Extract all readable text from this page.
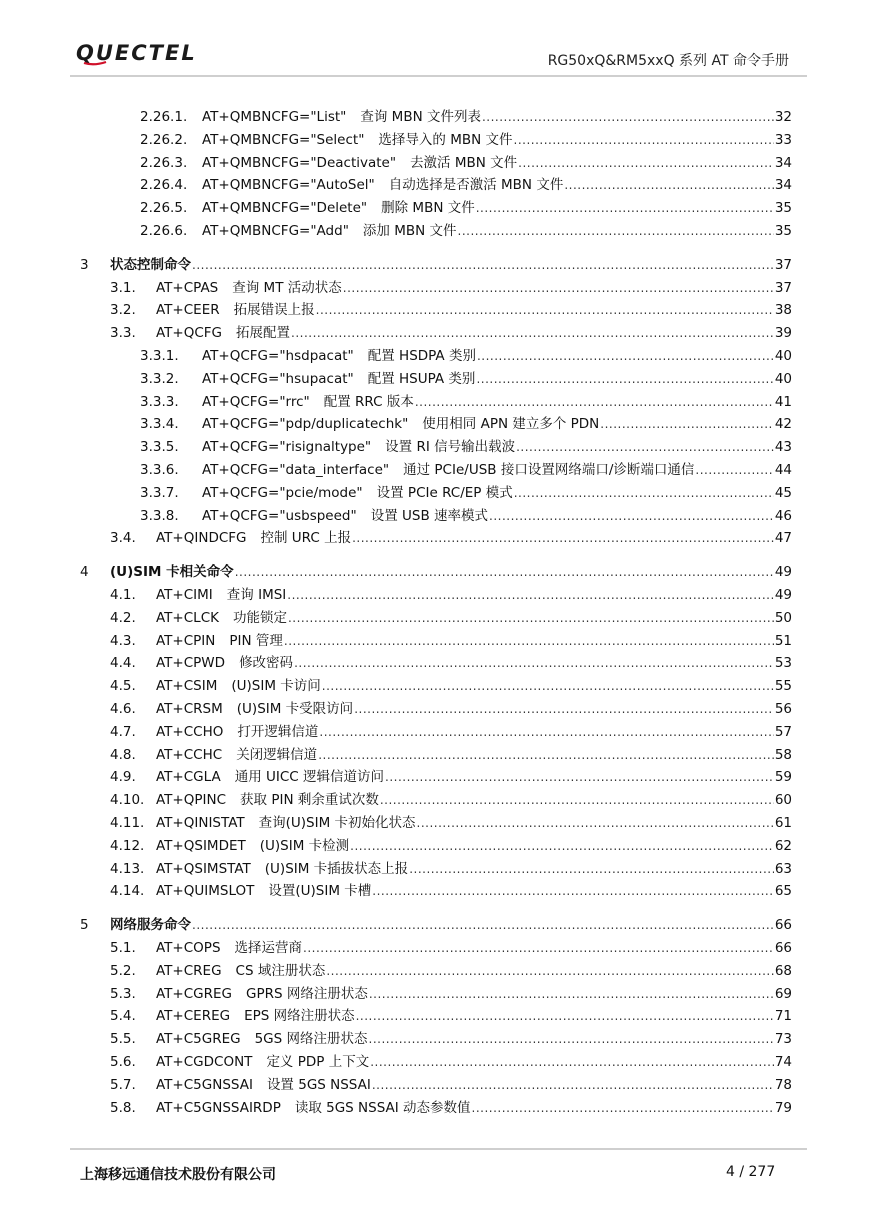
QUECTEL	RG50xQ&RM5xxQ 系列 AT 命令手册
2.26.1.	AT+QMBNCFG="List" 查询 MBN 文件列表 .....	32
2.26.2.	AT+QMBNCFG="Select" 选择导入的 MBN 文件 .....	33
2.26.3.	AT+QMBNCFG="Deactivate" 去激活 MBN 文件 .....	34
2.26.4.	AT+QMBNCFG="AutoSel" 自动选择是否激活 MBN 文件 .....	34
2.26.5.	AT+QMBNCFG="Delete" 删除 MBN 文件 .....	35
2.26.6.	AT+QMBNCFG="Add" 添加 MBN 文件 .....	35
3	状态控制命令 .....	37
3.1.	AT+CPAS 查询 MT 活动状态 .....	37
3.2.	AT+CEER 拓展错误上报 .....	38
3.3.	AT+QCFG 拓展配置 .....	39
3.3.1.	AT+QCFG="hsdpacat" 配置 HSDPA 类别 .....	40
3.3.2.	AT+QCFG="hsupacat" 配置 HSUPA 类别 .....	40
3.3.3.	AT+QCFG="rrc" 配置 RRC 版本 .....	41
3.3.4.	AT+QCFG="pdp/duplicatechk" 使用相同 APN 建立多个 PDN .....	42
3.3.5.	AT+QCFG="risignaltype" 设置 RI 信号输出载波 .....	43
3.3.6.	AT+QCFG="data_interface" 通过 PCIe/USB 接口设置网络端口/诊断端口通信 .....	44
3.3.7.	AT+QCFG="pcie/mode" 设置 PCIe RC/EP 模式 .....	45
3.3.8.	AT+QCFG="usbspeed" 设置 USB 速率模式 .....	46
3.4.	AT+QINDCFG 控制 URC 上报 .....	47
4	(U)SIM 卡相关命令 .....	49
4.1.	AT+CIMI 查询 IMSI .....	49
4.2.	AT+CLCK 功能锁定 .....	50
4.3.	AT+CPIN PIN 管理 .....	51
4.4.	AT+CPWD 修改密码 .....	53
4.5.	AT+CSIM (U)SIM 卡访问 .....	55
4.6.	AT+CRSM (U)SIM 卡受限访问 .....	56
4.7.	AT+CCHO 打开逻辑信道 .....	57
4.8.	AT+CCHC 关闭逻辑信道 .....	58
4.9.	AT+CGLA 通用 UICC 逻辑信道访问 .....	59
4.10. AT+QPINC 获取 PIN 剩余重试次数 .....	60
4.11. AT+QINISTAT 查询(U)SIM 卡初始化状态 .....	61
4.12. AT+QSIMDET (U)SIM 卡检测 .....	62
4.13. AT+QSIMSTAT (U)SIM 卡插拔状态上报 .....	63
4.14. AT+QUIMSLOT 设置(U)SIM 卡槽 .....	65
5	网络服务命令 .....	66
5.1.	AT+COPS 选择运营商 .....	66
5.2.	AT+CREG CS 域注册状态 .....	68
5.3.	AT+CGREG GPRS 网络注册状态 .....	69
5.4.	AT+CEREG EPS 网络注册状态 .....	71
5.5.	AT+C5GREG 5GS 网络注册状态 .....	73
5.6.	AT+CGDCONT 定义 PDP 上下文 .....	74
5.7.	AT+C5GNSSAI 设置 5GS NSSAI .....	78
5.8.	AT+C5GNSSAIRDP 读取 5GS NSSAI 动态参数值 .....	79
上海移远通信技术股份有限公司	4 / 277
